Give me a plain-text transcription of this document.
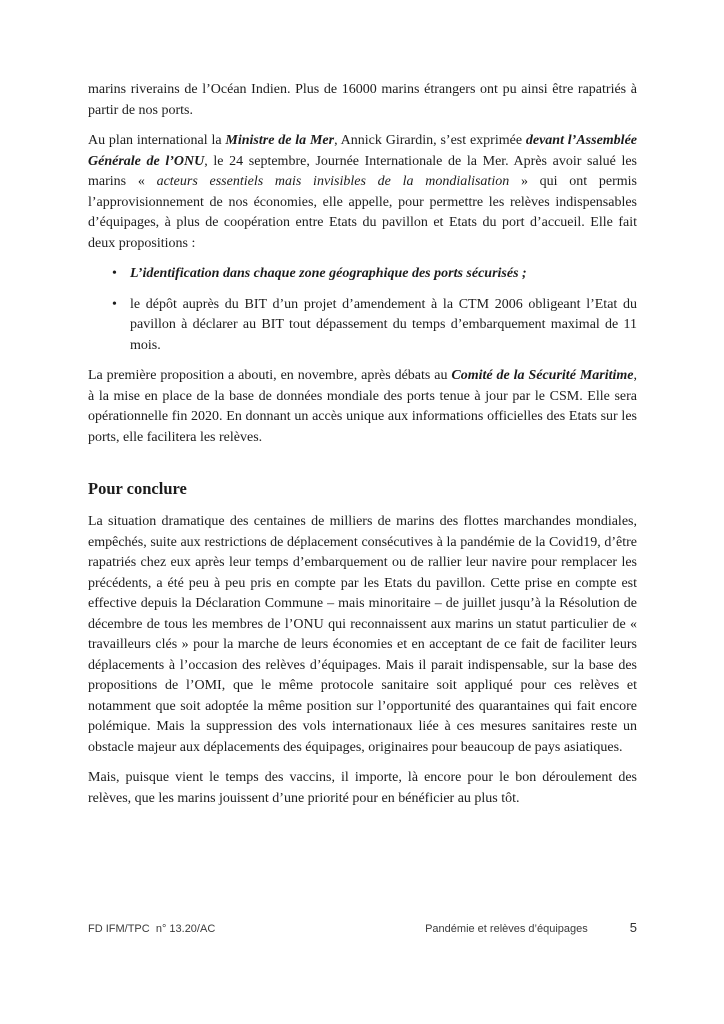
marins riverains de l’Océan Indien. Plus de 16000 marins étrangers ont pu ainsi être rapatriés à partir de nos ports.

Au plan international la Ministre de la Mer, Annick Girardin, s’est exprimée devant l’Assemblée Générale de l’ONU, le 24 septembre, Journée Internationale de la Mer. Après avoir salué les marins « acteurs essentiels mais invisibles de la mondialisation » qui ont permis l’approvisionnement de nos économies, elle appelle, pour permettre les relèves indispensables d’équipages, à plus de coopération entre Etats du pavillon et Etats du port d’accueil. Elle fait deux propositions :

• L’identification dans chaque zone géographique des ports sécurisés ;
• le dépôt auprès du BIT d’un projet d’amendement à la CTM 2006 obligeant l’Etat du pavillon à déclarer au BIT tout dépassement du temps d’embarquement maximal de 11 mois.

La première proposition a abouti, en novembre, après débats au Comité de la Sécurité Maritime, à la mise en place de la base de données mondiale des ports tenue à jour par le CSM. Elle sera opérationnelle fin 2020. En donnant un accès unique aux informations officielles des Etats sur les ports, elle facilitera les relèves.

Pour conclure

La situation dramatique des centaines de milliers de marins des flottes marchandes mondiales, empêchés, suite aux restrictions de déplacement consécutives à la pandémie de la Covid19, d’être rapatriés chez eux après leur temps d’embarquement ou de rallier leur navire pour remplacer les précédents, a été peu à peu pris en compte par les Etats du pavillon. Cette prise en compte est effective depuis la Déclaration Commune – mais minoritaire – de juillet jusqu’à la Résolution de décembre de tous les membres de l’ONU qui reconnaissent aux marins un statut particulier de « travailleurs clés » pour la marche de leurs économies et en acceptant de ce fait de faciliter leurs déplacements à l’occasion des relèves d’équipages. Mais il parait indispensable, sur la base des propositions de l’OMI, que le même protocole sanitaire soit appliqué pour ces relèves et notamment que soit adoptée la même position sur l’opportunité des quarantaines qui fait encore polémique. Mais la suppression des vols internationaux liée à ces mesures sanitaires reste un obstacle majeur aux déplacements des équipages, originaires pour beaucoup de pays asiatiques.

Mais, puisque vient le temps des vaccins, il importe, là encore pour le bon déroulement des relèves, que les marins jouissent d’une priorité pour en bénéficier au plus tôt.

FD IFM/TPC  n° 13.20/AC	Pandémie et relèves d’équipages	5
